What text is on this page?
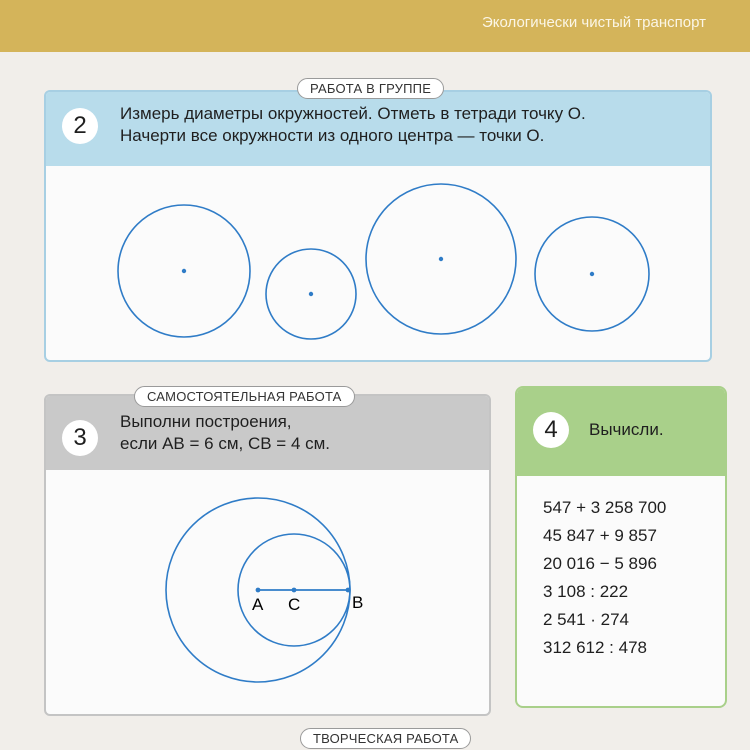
Экологически чистый транспорт
2	Измерь диаметры окружностей. Отметь в тетради точку O.
Начерти все окружности из одного центра — точки O.
РАБОТА В ГРУППЕ
3
Выполни построения,
если AB = 6 см, CB = 4 см.
A C	B
САМОСТОЯТЕЛЬНАЯ РАБОТА
4	Вычисли.
547 + 3 258 700
45 847 + 9 857
20 016 − 5 896
3 108 : 222
2 541 · 274
312 612 : 478
ТВОРЧЕСКАЯ РАБОТА
